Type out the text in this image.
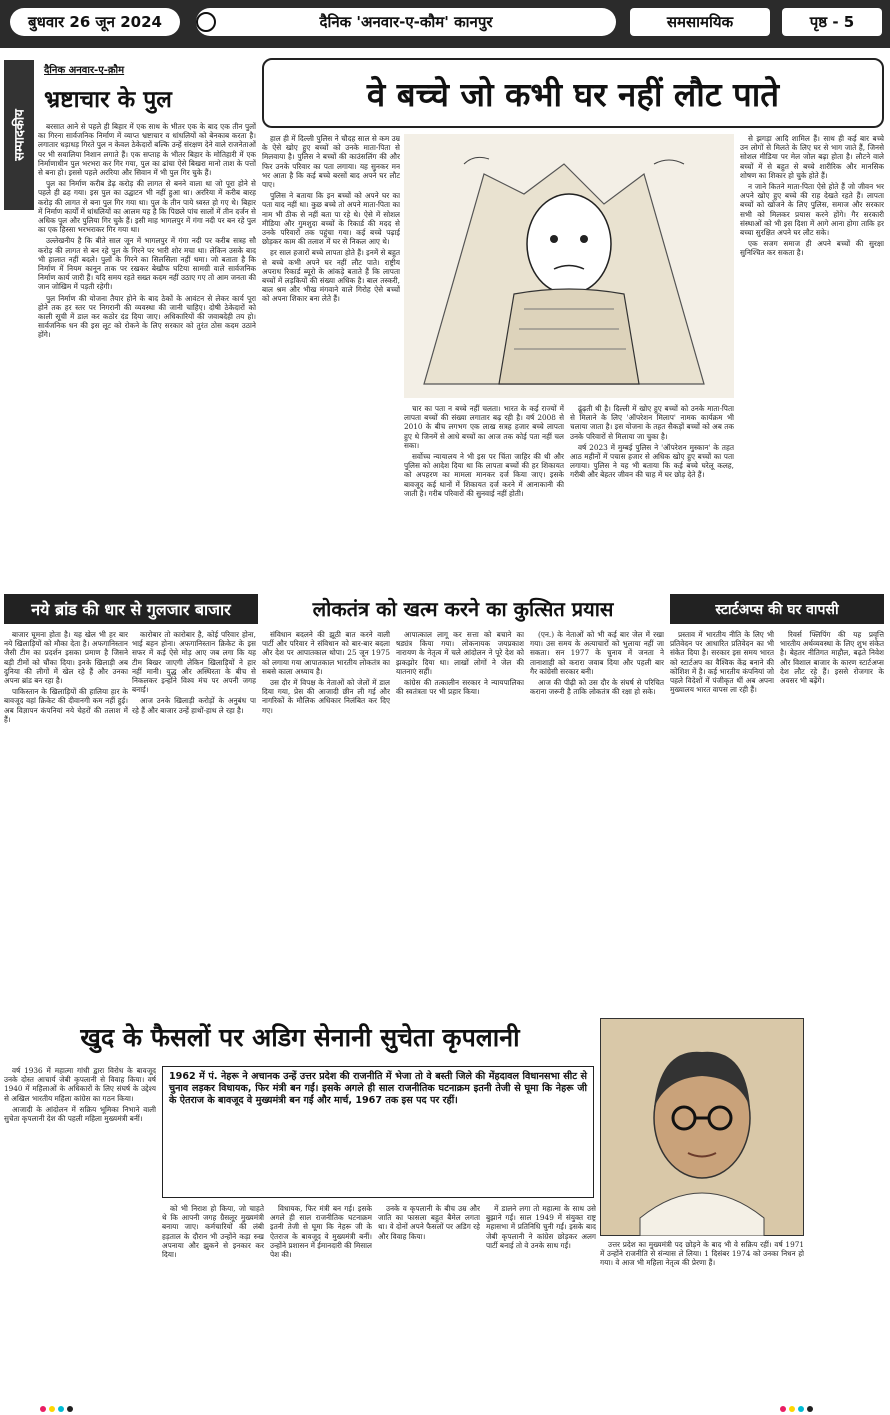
बुधवार 26 जून 2024	दैनिक 'अनवार-ए-कौम' कानपुर	समसामयिक	पृष्ठ - 5
सम्पादकीय
दैनिक अनवार-ए-क़ौम
भ्रष्टाचार के पुल

बरसात आने से पहले ही बिहार में एक साथ के भीतर एक के बाद एक तीन पुलों का गिरना सार्वजनिक निर्माण में व्याप्त भ्रष्टाचार व धांधलियों को बेनकाब करता है। लगातार धड़ाधड़ गिरते पुल न केवल ठेकेदारों बल्कि उन्हें संरक्षण देने वाले राजनेताओं पर भी सवालिया निशान लगाते हैं। एक सप्ताह के भीतर बिहार के मोतिहारी में एक निर्माणाधीन पुल भरभरा कर गिर गया, पुल का ढांचा ऐसे बिखरा मानो ताश के पत्तों से बना हो। इससे पहले अररिया और सिवान में भी पुल गिर चुके हैं।

पुल का निर्माण करीब डेढ़ करोड़ की लागत से बनने वाला था जो पूरा होने से पहले ही ढह गया। इस पुल का उद्घाटन भी नहीं हुआ था। अररिया में करीब बारह करोड़ की लागत से बना पुल गिर गया था। पुल के तीन पाये ध्वस्त हो गए थे। बिहार में निर्माण कार्यों में धांधलियों का आलम यह है कि पिछले पांच सालों में तीन दर्जन से अधिक पुल और पुलिया गिर चुके हैं। इसी माह भागलपुर में गंगा नदी पर बन रहे पुल का एक हिस्सा भरभराकर गिर गया था।

उल्लेखनीय है कि बीते साल जून में भागलपुर में गंगा नदी पर करीब सत्रह सौ करोड़ की लागत से बन रहे पुल के गिरने पर भारी शोर मचा था। लेकिन उसके बाद भी हालात नहीं बदले। पुलों के गिरने का सिलसिला नहीं थमा। जो बताता है कि निर्माण में नियम कानून ताक पर रखकर बेखौफ घटिया सामग्री वाले सार्वजनिक निर्माण कार्य जारी हैं। यदि समय रहते सख्त कदम नहीं उठाए गए तो आम जनता की जान जोखिम में पड़ती रहेगी।

पुल निर्माण की योजना तैयार होने के बाद ठेकों के आवंटन से लेकर कार्य पूरा होने तक हर स्तर पर निगरानी की व्यवस्था की जानी चाहिए। दोषी ठेकेदारों को काली सूची में डाल कर कठोर दंड दिया जाए। अधिकारियों की जवाबदेही तय हो। सार्वजनिक धन की इस लूट को रोकने के लिए सरकार को तुरंत ठोस कदम उठाने होंगे।

वे बच्चे जो कभी घर नहीं लौट पाते

हाल ही में दिल्ली पुलिस ने चौदह साल से कम उम्र के ऐसे खोए हुए बच्चों को उनके माता-पिता से मिलवाया है। पुलिस ने बच्चों की काउंसलिंग की और फिर उनके परिवार का पता लगाया। यह सुनकर मन भर आता है कि कई बच्चे बरसों बाद अपने घर लौट पाए।

पुलिस ने बताया कि इन बच्चों को अपने घर का पता याद नहीं था। कुछ बच्चे तो अपने माता-पिता का नाम भी ठीक से नहीं बता पा रहे थे। ऐसे में सोशल मीडिया और गुमशुदा बच्चों के रिकार्ड की मदद से उनके परिवारों तक पहुंचा गया। कई बच्चे पढ़ाई छोड़कर काम की तलाश में घर से निकल आए थे।

हर साल हजारों बच्चे लापता होते हैं। इनमें से बहुत से बच्चे कभी अपने घर नहीं लौट पाते। राष्ट्रीय अपराध रिकार्ड ब्यूरो के आंकड़े बताते हैं कि लापता बच्चों में लड़कियों की संख्या अधिक है। बाल तस्करी, बाल श्रम और भीख मंगवाने वाले गिरोह ऐसे बच्चों को अपना शिकार बना लेते हैं।

चार का पता न बच्चे नहीं चलता। भारत के कई राज्यों में लापता बच्चों की संख्या लगातार बढ़ रही है। वर्ष 2008 से 2010 के बीच लगभग एक लाख सत्रह हजार बच्चे लापता हुए थे जिनमें से आधे बच्चों का आज तक कोई पता नहीं चल सका।

सर्वोच्च न्यायालय ने भी इस पर चिंता जाहिर की थी और पुलिस को आदेश दिया था कि लापता बच्चों की हर शिकायत को अपहरण का मामला मानकर दर्ज किया जाए। इसके बावजूद कई थानों में शिकायत दर्ज करने में आनाकानी की जाती है। गरीब परिवारों की सुनवाई नहीं होती।

ढूंढ़ती थी है। दिल्ली में खोए हुए बच्चों को उनके माता-पिता से मिलाने के लिए 'ऑपरेशन मिलाप' नामक कार्यक्रम भी चलाया जाता है। इस योजना के तहत सैकड़ों बच्चों को अब तक उनके परिवारों से मिलाया जा चुका है।

वर्ष 2023 में मुम्बई पुलिस ने 'ऑपरेशन मुस्कान' के तहत आठ महीनों में पचास हजार से अधिक खोए हुए बच्चों का पता लगाया। पुलिस ने यह भी बताया कि कई बच्चे घरेलू कलह, गरीबी और बेहतर जीवन की चाह में घर छोड़ देते हैं।

से झगड़ा आदि शामिल हैं। साथ ही कई बार बच्चे उन लोगों से मिलते के लिए घर से भाग जाते हैं, जिनसे सोशल मीडिया पर मेल जोल बढ़ा होता है। लौटने वाले बच्चों में से बहुत से बच्चे शारीरिक और मानसिक शोषण का शिकार हो चुके होते हैं।

न जाने कितने माता-पिता ऐसे होते हैं जो जीवन भर अपने खोए हुए बच्चे की राह देखते रहते हैं। लापता बच्चों को खोजने के लिए पुलिस, समाज और सरकार सभी को मिलकर प्रयास करने होंगे। गैर सरकारी संस्थाओं को भी इस दिशा में आगे आना होगा ताकि हर बच्चा सुरक्षित अपने घर लौट सके।

एक सजग समाज ही अपने बच्चों की सुरक्षा सुनिश्चित कर सकता है।

नये ब्रांड की धार से गुलजार बाजार

बाजार घूमना होता है। यह खेल भी हर बार नये खिलाड़ियों को मौका देता है। अफगानिस्तान जैसी टीम का प्रदर्शन इसका प्रमाण है जिसने बड़ी टीमों को चौंका दिया। इनके खिलाड़ी अब दुनिया की लीगों में खेल रहे हैं और उनका अपना ब्रांड बन रहा है।

पाकिस्तान के खिलाड़ियों की हालिया हार के बावजूद वहां क्रिकेट की दीवानगी कम नहीं हुई। अब विज्ञापन कंपनियां नये चेहरों की तलाश में हैं।

कारोबार तो कारोबार है, कोई परिवार होना, भाई बहन होना। अफगानिस्तान क्रिकेट के इस सफर में कई ऐसे मोड़ आए जब लगा कि यह टीम बिखर जाएगी लेकिन खिलाड़ियों ने हार नहीं मानी। युद्ध और अस्थिरता के बीच से निकलकर इन्होंने विश्व मंच पर अपनी जगह बनाई।

आज उनके खिलाड़ी करोड़ों के अनुबंध पा रहे हैं और बाजार उन्हें हाथों-हाथ ले रहा है।

लोकतंत्र को खत्म करने का कुत्सित प्रयास

संविधान बदलने की झूठी बात करने वाली पार्टी और परिवार ने संविधान को बार-बार बदला और देश पर आपातकाल थोपा। 25 जून 1975 को लगाया गया आपातकाल भारतीय लोकतंत्र का सबसे काला अध्याय है।

उस दौर में विपक्ष के नेताओं को जेलों में डाल दिया गया, प्रेस की आजादी छीन ली गई और नागरिकों के मौलिक अधिकार निलंबित कर दिए गए।

आपात्काल लागू कर सत्ता को बचाने का षड्यंत्र किया गया। लोकनायक जयप्रकाश नारायण के नेतृत्व में चले आंदोलन ने पूरे देश को झकझोर दिया था। लाखों लोगों ने जेल की यातनाएं सहीं।

कांग्रेस की तत्कालीन सरकार ने न्यायपालिका की स्वतंत्रता पर भी प्रहार किया।

(एन.) के नेताओं को भी कई बार जेल में रखा गया। उस समय के अत्याचारों को भुलाया नहीं जा सकता। सन 1977 के चुनाव में जनता ने तानाशाही को करारा जवाब दिया और पहली बार गैर कांग्रेसी सरकार बनी।

आज की पीढ़ी को उस दौर के संघर्ष से परिचित कराना जरूरी है ताकि लोकतंत्र की रक्षा हो सके।

स्टार्टअप्स की घर वापसी

प्रस्ताव में भारतीय नीति के लिए भी प्रतिवेदन पर आधारित प्रतिवेदन का भी संकेत दिया है। सरकार इस समय भारत को स्टार्टअप का वैश्विक केंद्र बनाने की कोशिश में है। कई भारतीय कंपनियां जो पहले विदेशों में पंजीकृत थीं अब अपना मुख्यालय भारत वापस ला रही हैं।

रिवर्स फ्लिपिंग की यह प्रवृत्ति भारतीय अर्थव्यवस्था के लिए शुभ संकेत है। बेहतर नीतिगत माहौल, बढ़ते निवेश और विशाल बाजार के कारण स्टार्टअप्स देश लौट रहे हैं। इससे रोजगार के अवसर भी बढ़ेंगे।

खुद के फैसलों पर अडिग सेनानी सुचेता कृपलानी
1962 में पं. नेहरू ने अचानक उन्हें उत्तर प्रदेश की राजनीति में भेजा तो वे बस्ती जिले की मेंहदावल विधानसभा सीट से चुनाव लड़कर विधायक, फिर मंत्री बन गईं। इसके अगले ही साल राजनीतिक घटनाक्रम इतनी तेजी से घूमा कि नेहरू जी के ऐतराज के बावजूद वे मुख्यमंत्री बन गईं और मार्च, 1967 तक इस पद पर रहीं।

वर्ष 1936 में महात्मा गांधी द्वारा विरोध के बावजूद उनके दोस्त आचार्य जेबी कृपलानी से विवाह किया। वर्ष 1940 में महिलाओं के अधिकारों के लिए संघर्ष के उद्देश्य से अखिल भारतीय महिला कांग्रेस का गठन किया।

आजादी के आंदोलन में सक्रिय भूमिका निभाने वाली सुचेता कृपलानी देश की पहली महिला मुख्यमंत्री बनीं।

को भी निराश हो किया, जो चाहते थे कि आपनी जगह ग्रैसलूर मुख्यमंत्री बनाया जाए। कर्मचारियों की लंबी हड़ताल के दौरान भी उन्होंने कड़ा रुख अपनाया और झुकने से इनकार कर दिया।

विधायक, फिर मंत्री बन गई। इसके अगले ही साल राजनीतिक घटनाक्रम इतनी तेजी से घूमा कि नेहरू जी के ऐतराज के बावजूद वे मुख्यमंत्री बनीं। उन्होंने प्रशासन में ईमानदारी की मिसाल पेश की।

उनके व कृपलानी के बीच उम्र और जाति का फासला बहुत बैमेल लगता था। वे दोनों अपने फैसलों पर अडिग रहे और विवाह किया।

में डालने लगा तो महात्मा के साथ उसे बुझाने गईं। साल 1949 में संयुक्त राष्ट्र महासभा में प्रतिनिधि चुनी गईं। इसके बाद जेबी कृपलानी ने कांग्रेस छोड़कर अलग पार्टी बनाई तो वे उनके साथ गईं।	उत्तर प्रदेश का मुख्यमंत्री पद छोड़ने के बाद भी वे सक्रिय रहीं। वर्ष 1971 में उन्होंने राजनीति से संन्यास ले लिया। 1 दिसंबर 1974 को उनका निधन हो गया। वे आज भी महिला नेतृत्व की प्रेरणा हैं।
